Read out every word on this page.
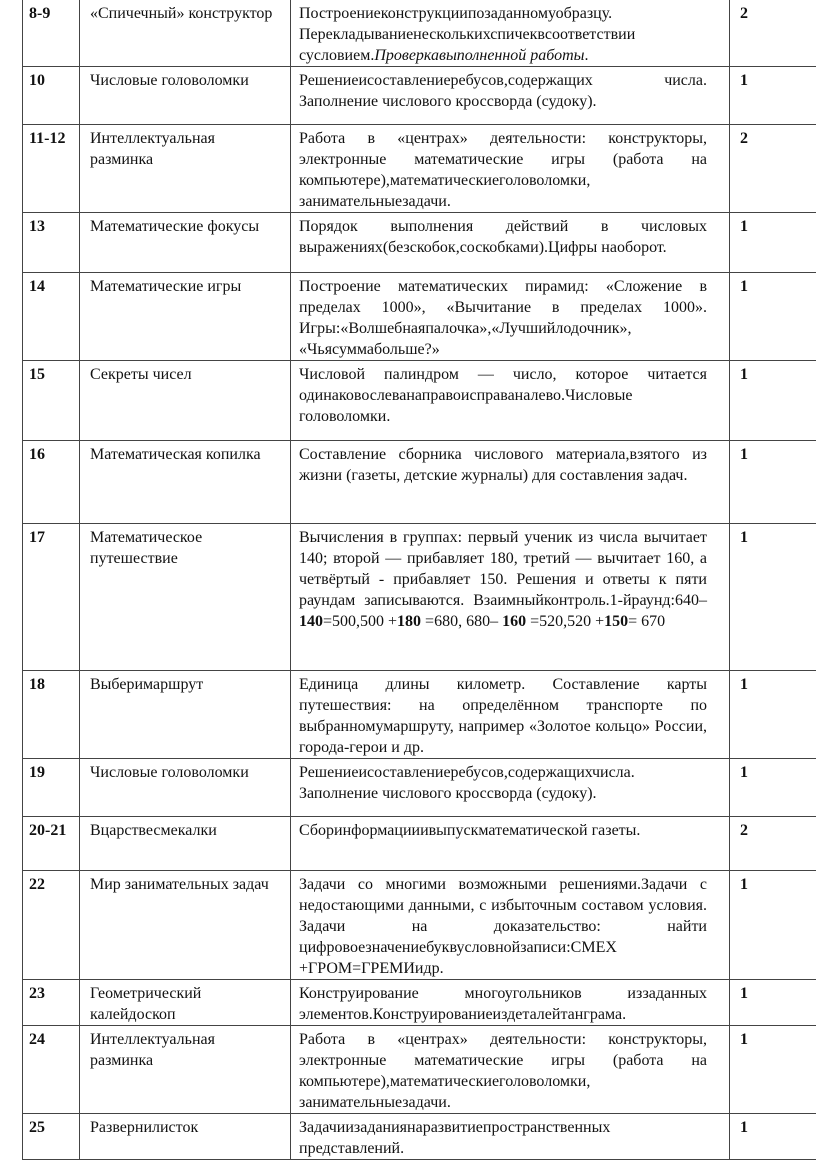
8-9	«Спичечный» конструктор	Построениеконструкциипозаданномуобразцу. Перекладываниенесколькихспичеквсоответствии сусловием.Проверкавыполненной работы.	2
10	Числовые головоломки	Решениеисоставлениеребусов,содержащих числа. Заполнение числового кроссворда (судоку).	1
11-12	Интеллектуальная разминка	Работа в «центрах» деятельности: конструкторы, электронные математические игры (работа на компьютере),математическиеголоволомки, занимательныезадачи.	2
13	Математические фокусы	Порядок выполнения действий в числовых выражениях(безскобок,соскобками).Цифры наоборот.	1
14	Математические игры	Построение математических пирамид: «Сложение в пределах 1000», «Вычитание в пределах 1000». Игры:«Волшебнаяпалочка»,«Лучшийлодочник», «Чьясуммабольше?»	1
15	Секреты чисел	Числовой палиндром — число, которое читается одинаковослеванаправоисправаналево.Числовые головоломки.	1
16	Математическая копилка	Составление сборника числового материала,взятого из жизни (газеты, детские журналы) для составления задач.	1
17	Математическое путешествие	Вычисления в группах: первый ученик из числа вычитает 140; второй — прибавляет 180, третий — вычитает 160, а четвёртый - прибавляет 150. Решения и ответы к пяти раундам записываются. Взаимныйконтроль.1-йраунд:640–140=500,500 +180 =680, 680– 160 =520,520 +150= 670	1
18	Выберимаршрут	Единица длины километр. Составление карты путешествия: на определённом транспорте по выбранномумаршруту, например «Золотое кольцо» России, города-герои и др.	1
19	Числовые головоломки	Решениеисоставлениеребусов,содержащихчисла. Заполнение числового кроссворда (судоку).	1
20-21	Вцарствесмекалки	Сборинформацииивыпускматематической газеты.	2
22	Мир занимательных задач	Задачи со многими возможными решениями.Задачи с недостающими данными, с избыточным составом условия. Задачи на доказательство: найти цифровоезначениебуквусловнойзаписи:СМЕХ +ГРОМ=ГРЕМИидр.	1
23	Геометрический калейдоскоп	Конструирование многоугольников иззаданных элементов.Конструированиеиздеталейтанграма.	1
24	Интеллектуальная разминка	Работа в «центрах» деятельности: конструкторы, электронные математические игры (работа на компьютере),математическиеголоволомки, занимательныезадачи.	1
25	Развернилисток	Задачиизаданиянаразвитиепространственных представлений.	1
